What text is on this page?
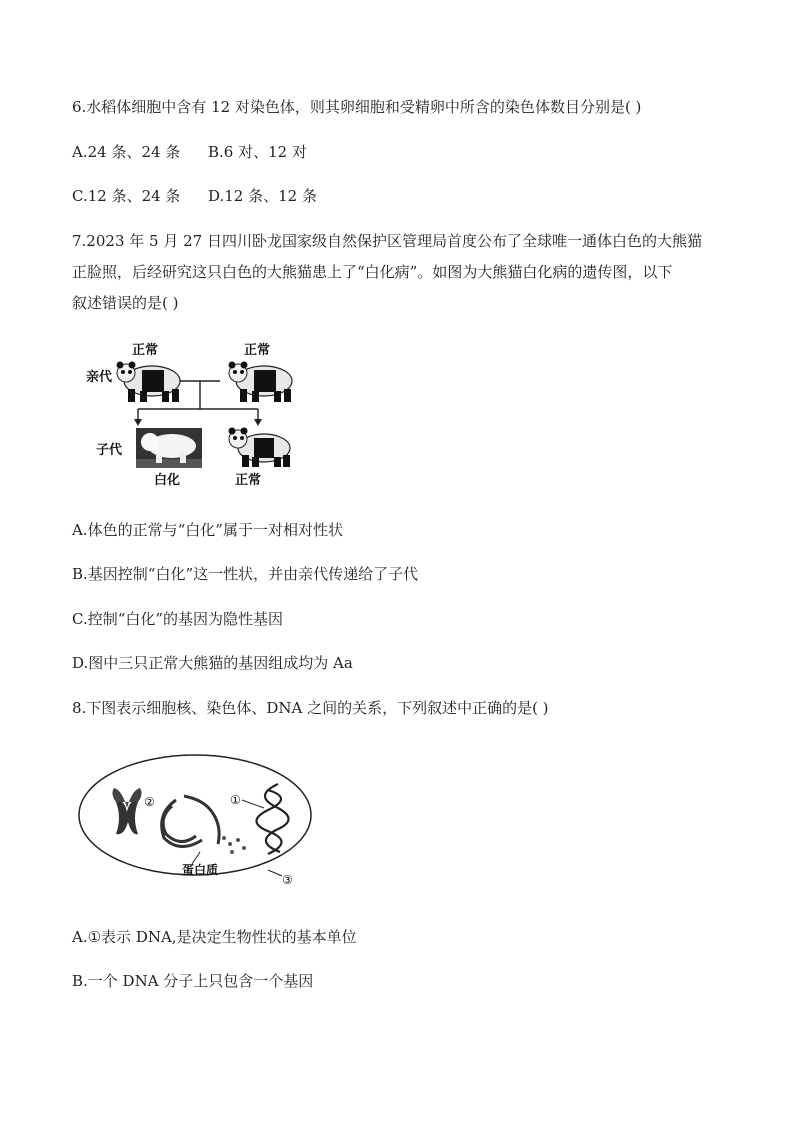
6.水稻体细胞中含有 12 对染色体，则其卵细胞和受精卵中所含的染色体数目分别是( )
A.24 条、24 条 B.6 对、12 对
C.12 条、24 条 D.12 条、12 条
7.2023 年 5 月 27 日四川卧龙国家级自然保护区管理局首度公布了全球唯一通体白色的大熊猫
正脸照，后经研究这只白色的大熊猫患上了“白化病”。如图为大熊猫白化病的遗传图，以下
叙述错误的是( )
正常	正常
亲代
子代
白化	正常
A.体色的正常与“白化”属于一对相对性状
B.基因控制“白化”这一性状，并由亲代传递给了子代
C.控制“白化”的基因为隐性基因
D.图中三只正常大熊猫的基因组成均为 Aa
8.下图表示细胞核、染色体、DNA 之间的关系，下列叙述中正确的是( )
②	①
蛋白质
③
A.①表示 DNA,是决定生物性状的基本单位
B.一个 DNA 分子上只包含一个基因
